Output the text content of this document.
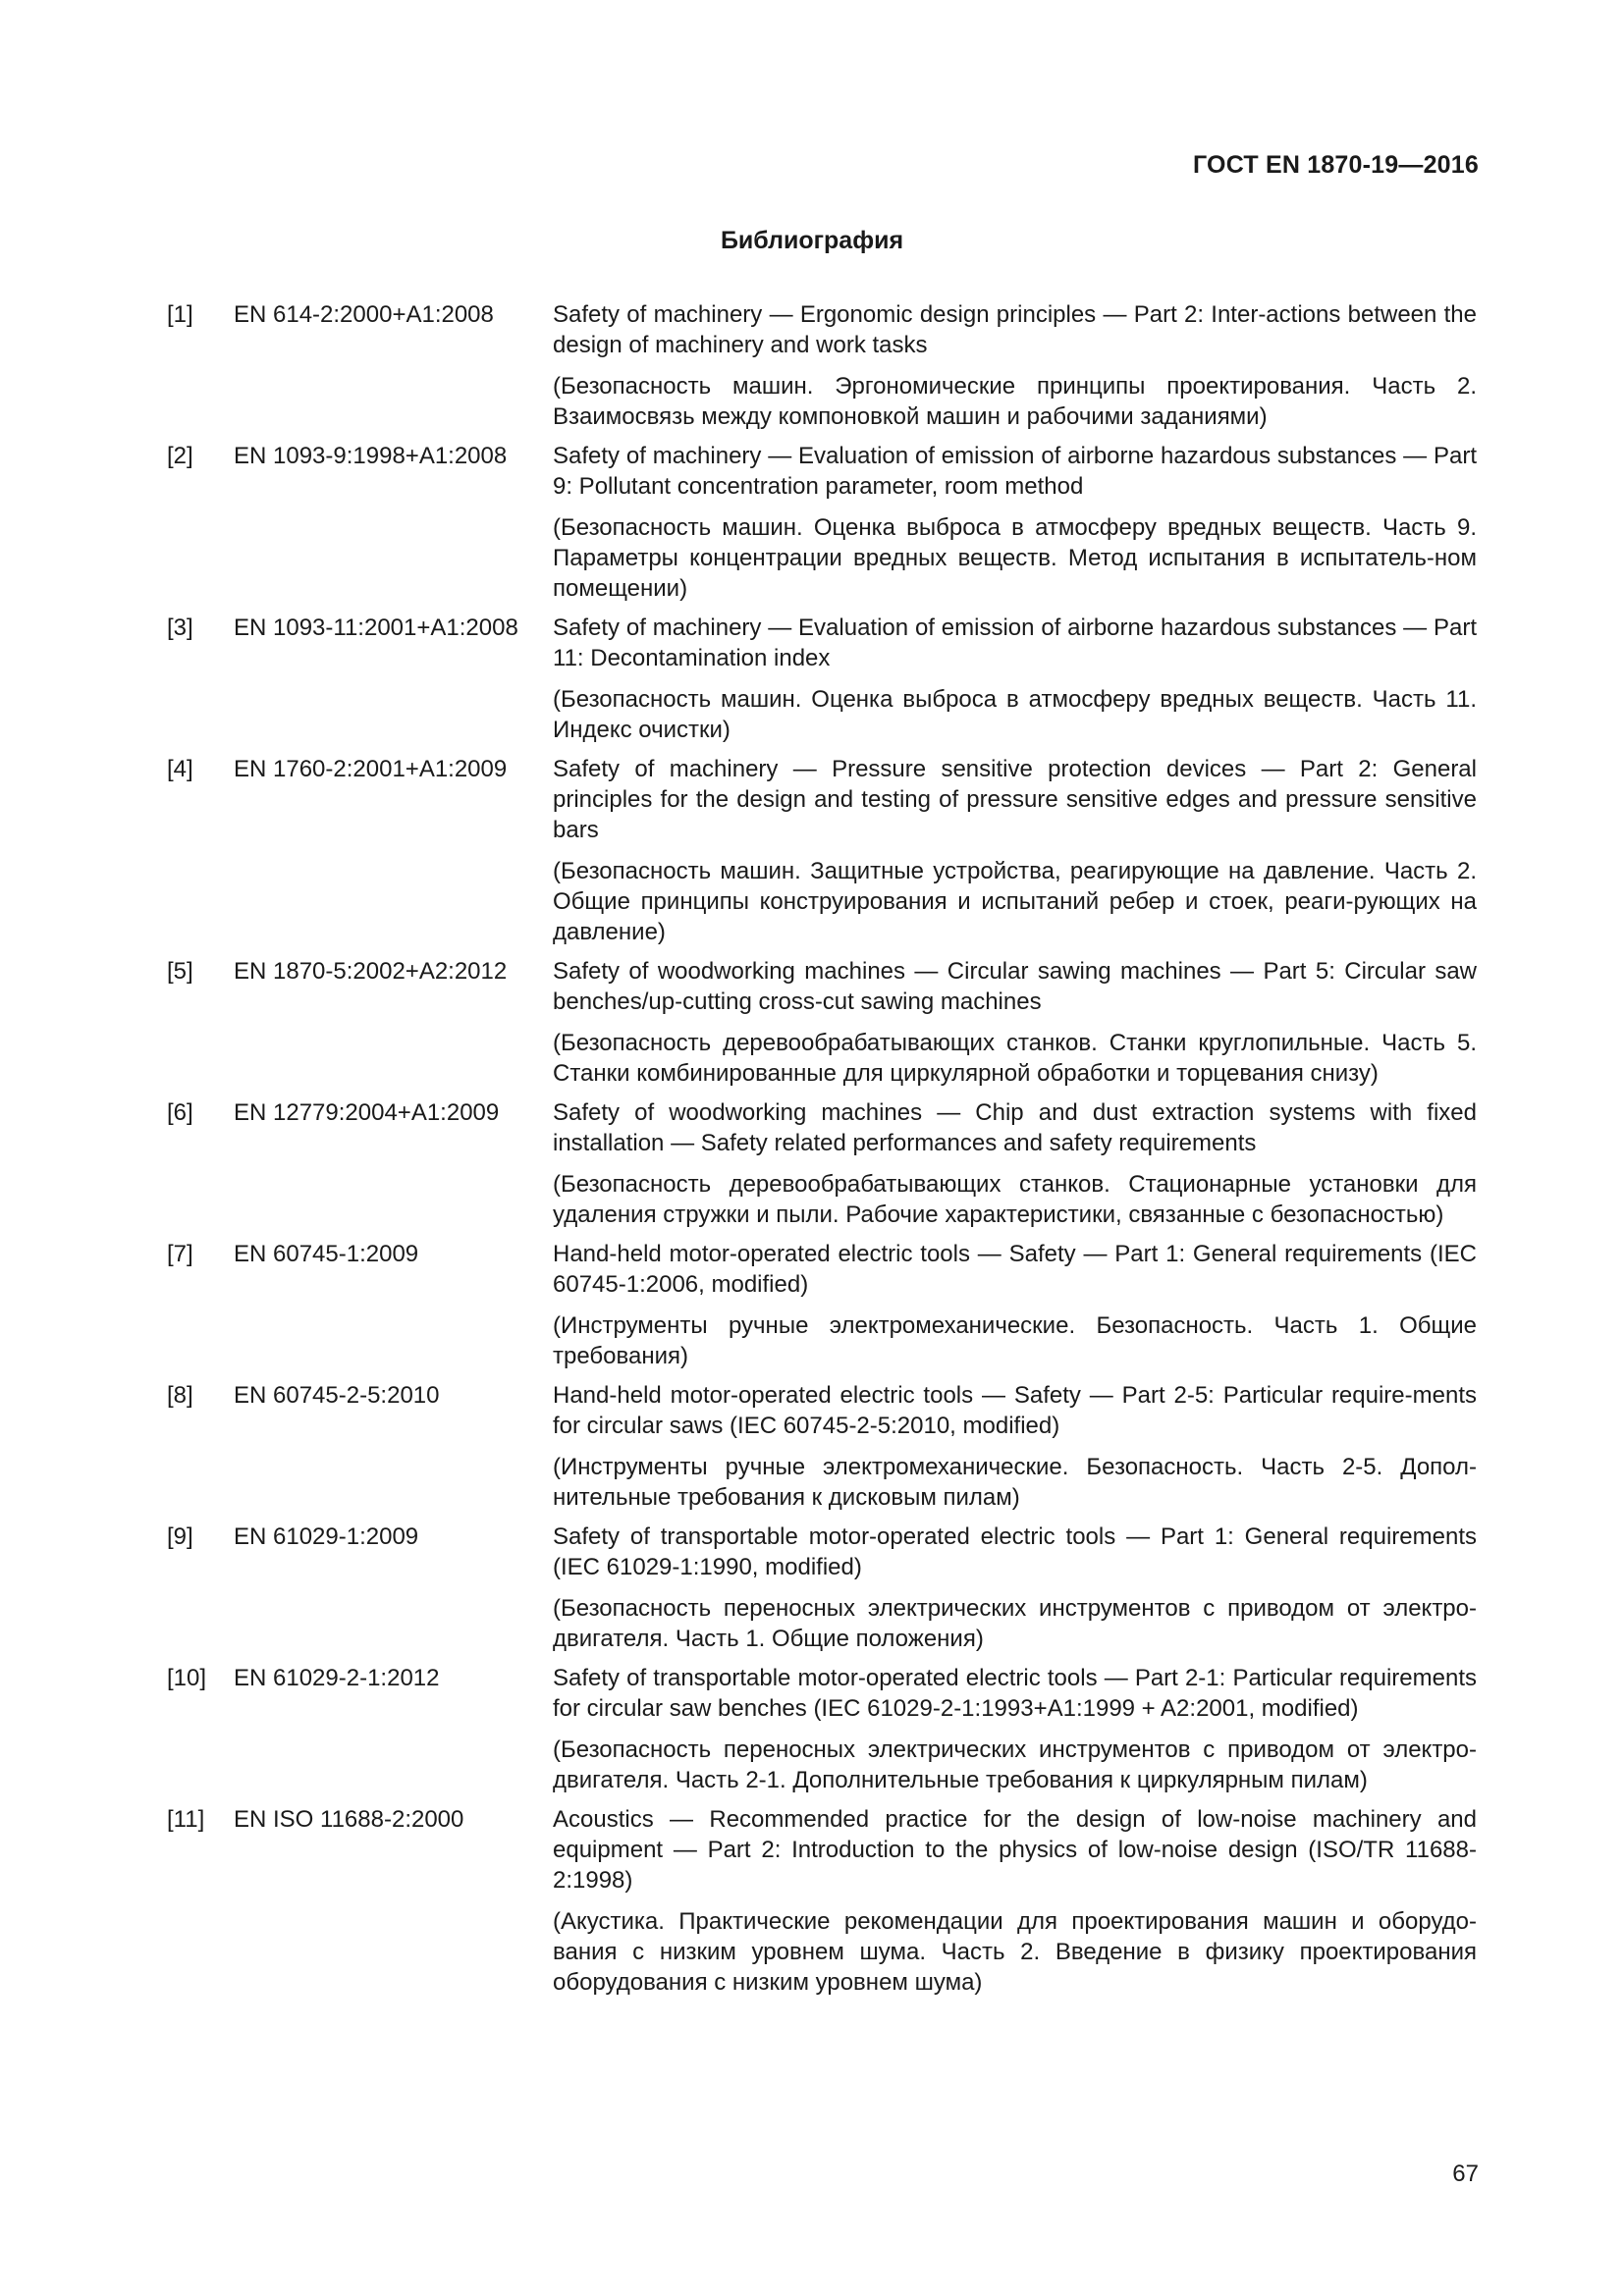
ГОСТ EN 1870-19—2016
Библиография
[1]	EN 614-2:2000+A1:2008	Safety of machinery — Ergonomic design principles — Part 2: Inter-actions between the design of machinery and work tasks

(Безопасность машин. Эргономические принципы проектирования. Часть 2. Взаимосвязь между компоновкой машин и рабочими заданиями)

[2]	EN 1093-9:1998+A1:2008	Safety of machinery — Evaluation of emission of airborne hazardous substances — Part 9: Pollutant concentration parameter, room method

(Безопасность машин. Оценка выброса в атмосферу вредных веществ. Часть 9. Параметры концентрации вредных веществ. Метод испытания в испытатель-ном помещении)

[3]	EN 1093-11:2001+A1:2008	Safety of machinery — Evaluation of emission of airborne hazardous substances — Part 11: Decontamination index

(Безопасность машин. Оценка выброса в атмосферу вредных веществ. Часть 11. Индекс очистки)

[4]	EN 1760-2:2001+A1:2009	Safety of machinery — Pressure sensitive protection devices — Part 2: General principles for the design and testing of pressure sensitive edges and pressure sensitive bars

(Безопасность машин. Защитные устройства, реагирующие на давление. Часть 2. Общие принципы конструирования и испытаний ребер и стоек, реаги-рующих на давление)

[5]	EN 1870-5:2002+A2:2012	Safety of woodworking machines — Circular sawing machines — Part 5: Circular saw benches/up-cutting cross-cut sawing machines

(Безопасность деревообрабатывающих станков. Станки круглопильные. Часть 5. Станки комбинированные для циркулярной обработки и торцевания снизу)

[6]	EN 12779:2004+A1:2009	Safety of woodworking machines — Chip and dust extraction systems with fixed installation — Safety related performances and safety requirements

(Безопасность деревообрабатывающих станков. Стационарные установки для удаления стружки и пыли. Рабочие характеристики, связанные с безопасностью)

[7]	EN 60745-1:2009	Hand-held motor-operated electric tools — Safety — Part 1: General requirements (IEC 60745-1:2006, modified)

(Инструменты ручные электромеханические. Безопасность. Часть 1. Общие требования)

[8]	EN 60745-2-5:2010	Hand-held motor-operated electric tools — Safety — Part 2-5: Particular require-ments for circular saws (IEC 60745-2-5:2010, modified)

(Инструменты ручные электромеханические. Безопасность. Часть 2-5. Допол-нительные требования к дисковым пилам)

[9]	EN 61029-1:2009	Safety of transportable motor-operated electric tools — Part 1: General requirements (IEC 61029-1:1990, modified)

(Безопасность переносных электрических инструментов с приводом от электро-двигателя. Часть 1. Общие положения)

[10]	EN 61029-2-1:2012	Safety of transportable motor-operated electric tools — Part 2-1: Particular requirements for circular saw benches (IEC 61029-2-1:1993+A1:1999 + A2:2001, modified)

(Безопасность переносных электрических инструментов с приводом от электро-двигателя. Часть 2-1. Дополнительные требования к циркулярным пилам)

[11]	EN ISO 11688-2:2000	Acoustics — Recommended practice for the design of low-noise machinery and equipment — Part 2: Introduction to the physics of low-noise design (ISO/TR 11688-2:1998)

(Акустика. Практические рекомендации для проектирования машин и оборудо-вания с низким уровнем шума. Часть 2. Введение в физику проектирования оборудования с низким уровнем шума)

67
